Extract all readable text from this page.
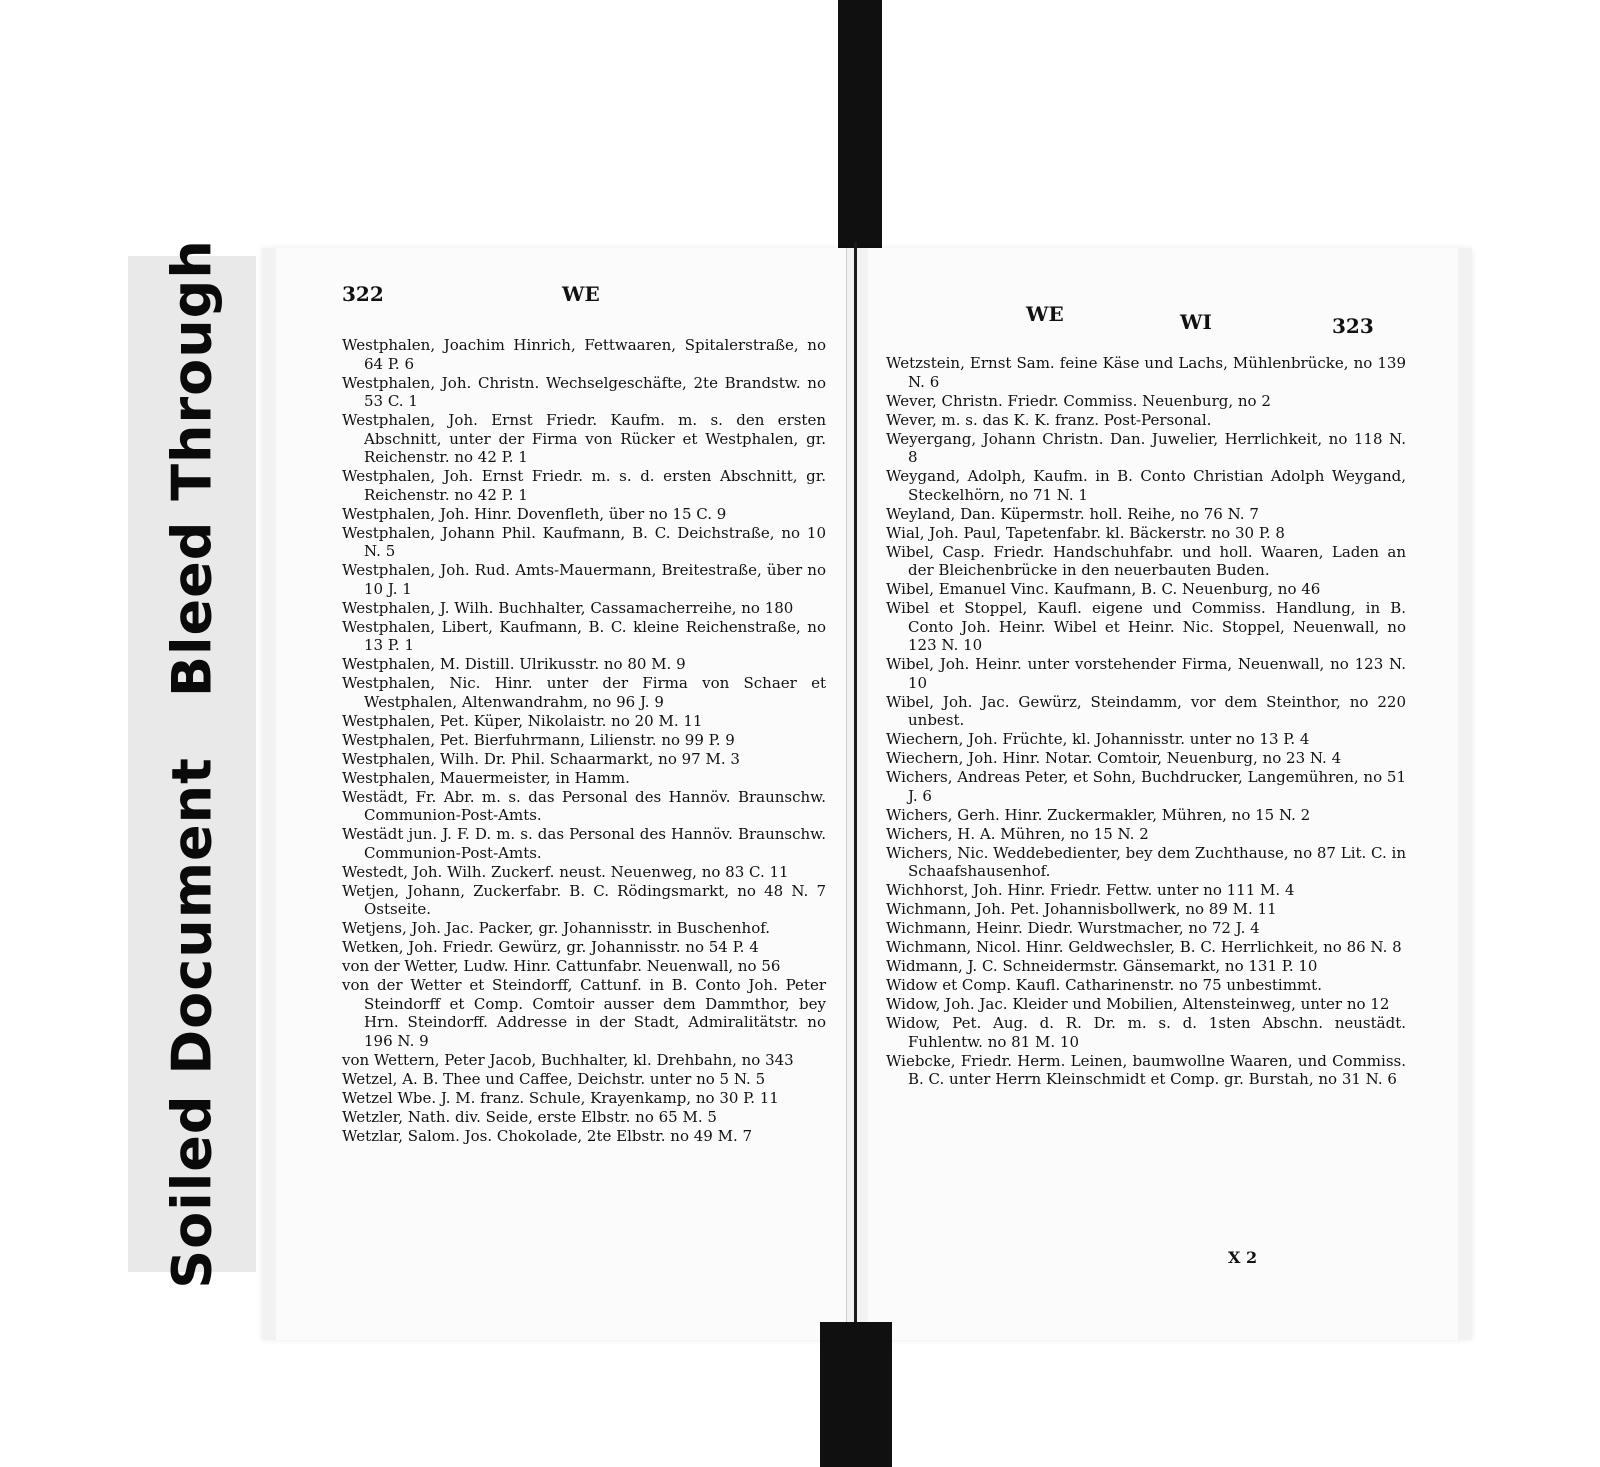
Soiled DocumentBleed Through	322	WE
Westphalen, Joachim Hinrich, Fettwaaren, Spitalerstraße, no 64 P. 6
Westphalen, Joh. Christn. Wechselgeschäfte, 2te Brandstw. no 53 C. 1
Westphalen, Joh. Ernst Friedr. Kaufm. m. s. den ersten Abschnitt, unter der Firma von Rücker et Westphalen, gr. Reichenstr. no 42 P. 1
Westphalen, Joh. Ernst Friedr. m. s. d. ersten Abschnitt, gr. Reichenstr. no 42 P. 1
Westphalen, Joh. Hinr. Dovenfleth, über no 15 C. 9
Westphalen, Johann Phil. Kaufmann, B. C. Deichstraße, no 10 N. 5
Westphalen, Joh. Rud. Amts-Mauermann, Breitestraße, über no 10 J. 1
Westphalen, J. Wilh. Buchhalter, Cassamacherreihe, no 180
Westphalen, Libert, Kaufmann, B. C. kleine Reichenstraße, no 13 P. 1
Westphalen, M. Distill. Ulrikusstr. no 80 M. 9
Westphalen, Nic. Hinr. unter der Firma von Schaer et Westphalen, Altenwandrahm, no 96 J. 9
Westphalen, Pet. Küper, Nikolaistr. no 20 M. 11
Westphalen, Pet. Bierfuhrmann, Lilienstr. no 99 P. 9
Westphalen, Wilh. Dr. Phil. Schaarmarkt, no 97 M. 3
Westphalen, Mauermeister, in Hamm.
Westädt, Fr. Abr. m. s. das Personal des Hannöv. Braunschw. Communion-Post-Amts.
Westädt jun. J. F. D. m. s. das Personal des Hannöv. Braunschw. Communion-Post-Amts.
Westedt, Joh. Wilh. Zuckerf. neust. Neuenweg, no 83 C. 11
Wetjen, Johann, Zuckerfabr. B. C. Rödingsmarkt, no 48 N. 7 Ostseite.
Wetjens, Joh. Jac. Packer, gr. Johannisstr. in Buschenhof.
Wetken, Joh. Friedr. Gewürz, gr. Johannisstr. no 54 P. 4
von der Wetter, Ludw. Hinr. Cattunfabr. Neuenwall, no 56
von der Wetter et Steindorff, Cattunf. in B. Conto Joh. Peter Steindorff et Comp. Comtoir ausser dem Dammthor, bey Hrn. Steindorff. Addresse in der Stadt, Admiralitätstr. no 196 N. 9
von Wettern, Peter Jacob, Buchhalter, kl. Drehbahn, no 343
Wetzel, A. B. Thee und Caffee, Deichstr. unter no 5 N. 5
Wetzel Wbe. J. M. franz. Schule, Krayenkamp, no 30 P. 11
Wetzler, Nath. div. Seide, erste Elbstr. no 65 M. 5
Wetzlar, Salom. Jos. Chokolade, 2te Elbstr. no 49 M. 7
WE	WI	323
Wetzstein, Ernst Sam. feine Käse und Lachs, Mühlenbrücke, no 139 N. 6
Wever, Christn. Friedr. Commiss. Neuenburg, no 2
Wever, m. s. das K. K. franz. Post-Personal.
Weyergang, Johann Christn. Dan. Juwelier, Herrlichkeit, no 118 N. 8
Weygand, Adolph, Kaufm. in B. Conto Christian Adolph Weygand, Steckelhörn, no 71 N. 1
Weyland, Dan. Küpermstr. holl. Reihe, no 76 N. 7
Wial, Joh. Paul, Tapetenfabr. kl. Bäckerstr. no 30 P. 8
Wibel, Casp. Friedr. Handschuhfabr. und holl. Waaren, Laden an der Bleichenbrücke in den neuerbauten Buden.
Wibel, Emanuel Vinc. Kaufmann, B. C. Neuenburg, no 46
Wibel et Stoppel, Kaufl. eigene und Commiss. Handlung, in B. Conto Joh. Heinr. Wibel et Heinr. Nic. Stoppel, Neuenwall, no 123 N. 10
Wibel, Joh. Heinr. unter vorstehender Firma, Neuenwall, no 123 N. 10
Wibel, Joh. Jac. Gewürz, Steindamm, vor dem Steinthor, no 220 unbest.
Wiechern, Joh. Früchte, kl. Johannisstr. unter no 13 P. 4
Wiechern, Joh. Hinr. Notar. Comtoir, Neuenburg, no 23 N. 4
Wichers, Andreas Peter, et Sohn, Buchdrucker, Langemühren, no 51 J. 6
Wichers, Gerh. Hinr. Zuckermakler, Mühren, no 15 N. 2
Wichers, H. A. Mühren, no 15 N. 2
Wichers, Nic. Weddebedienter, bey dem Zuchthause, no 87 Lit. C. in Schaafshausenhof.
Wichhorst, Joh. Hinr. Friedr. Fettw. unter no 111 M. 4
Wichmann, Joh. Pet. Johannisbollwerk, no 89 M. 11
Wichmann, Heinr. Diedr. Wurstmacher, no 72 J. 4
Wichmann, Nicol. Hinr. Geldwechsler, B. C. Herrlichkeit, no 86 N. 8
Widmann, J. C. Schneidermstr. Gänsemarkt, no 131 P. 10
Widow et Comp. Kaufl. Catharinenstr. no 75 unbestimmt.
Widow, Joh. Jac. Kleider und Mobilien, Altensteinweg, unter no 12
Widow, Pet. Aug. d. R. Dr. m. s. d. 1sten Abschn. neustädt. Fuhlentw. no 81 M. 10
Wiebcke, Friedr. Herm. Leinen, baumwollne Waaren, und Commiss. B. C. unter Herrn Kleinschmidt et Comp. gr. Burstah, no 31 N. 6
X 2
